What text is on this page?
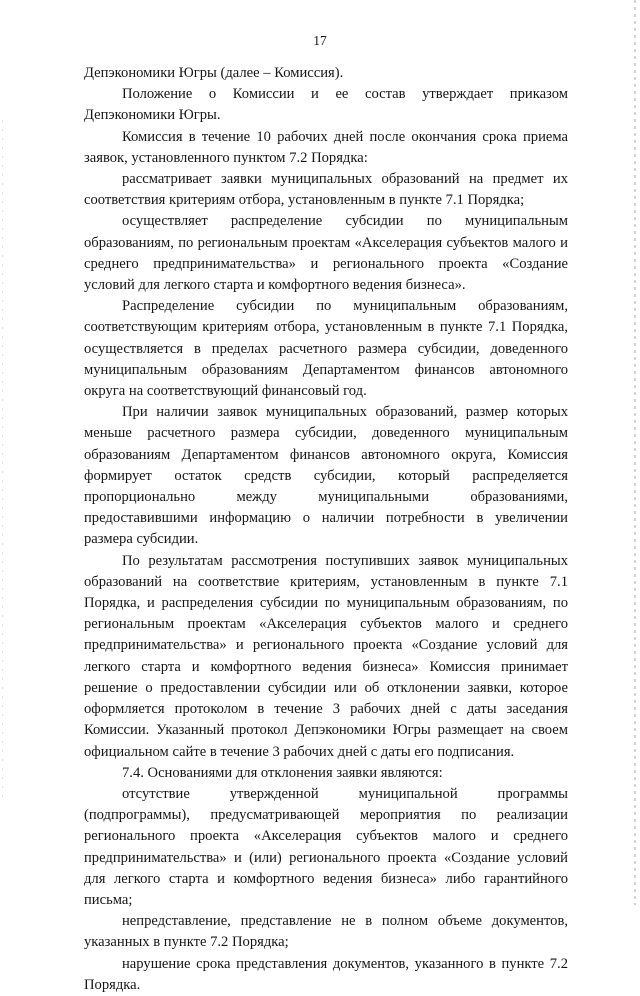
17

Депэкономики Югры (далее – Комиссия).

Положение о Комиссии и ее состав утверждает приказом Депэкономики Югры.

Комиссия в течение 10 рабочих дней после окончания срока приема заявок, установленного пунктом 7.2 Порядка:

рассматривает заявки муниципальных образований на предмет их соответствия критериям отбора, установленным в пункте 7.1 Порядка;

осуществляет распределение субсидии по муниципальным образованиям, по региональным проектам «Акселерация субъектов малого и среднего предпринимательства» и регионального проекта «Создание условий для легкого старта и комфортного ведения бизнеса».

Распределение субсидии по муниципальным образованиям, соответствующим критериям отбора, установленным в пункте 7.1 Порядка, осуществляется в пределах расчетного размера субсидии, доведенного муниципальным образованиям Департаментом финансов автономного округа на соответствующий финансовый год.

При наличии заявок муниципальных образований, размер которых меньше расчетного размера субсидии, доведенного муниципальным образованиям Департаментом финансов автономного округа, Комиссия формирует остаток средств субсидии, который распределяется пропорционально между муниципальными образованиями, предоставившими информацию о наличии потребности в увеличении размера субсидии.

По результатам рассмотрения поступивших заявок муниципальных образований на соответствие критериям, установленным в пункте 7.1 Порядка, и распределения субсидии по муниципальным образованиям, по региональным проектам «Акселерация субъектов малого и среднего предпринимательства» и регионального проекта «Создание условий для легкого старта и комфортного ведения бизнеса» Комиссия принимает решение о предоставлении субсидии или об отклонении заявки, которое оформляется протоколом в течение 3 рабочих дней с даты заседания Комиссии. Указанный протокол Депэкономики Югры размещает на своем официальном сайте в течение 3 рабочих дней с даты его подписания.

7.4. Основаниями для отклонения заявки являются:

отсутствие утвержденной муниципальной программы (подпрограммы), предусматривающей мероприятия по реализации регионального проекта «Акселерация субъектов малого и среднего предпринимательства» и (или) регионального проекта «Создание условий для легкого старта и комфортного ведения бизнеса» либо гарантийного письма;

непредставление, представление не в полном объеме документов, указанных в пункте 7.2 Порядка;

нарушение срока представления документов, указанного в пункте 7.2 Порядка.
